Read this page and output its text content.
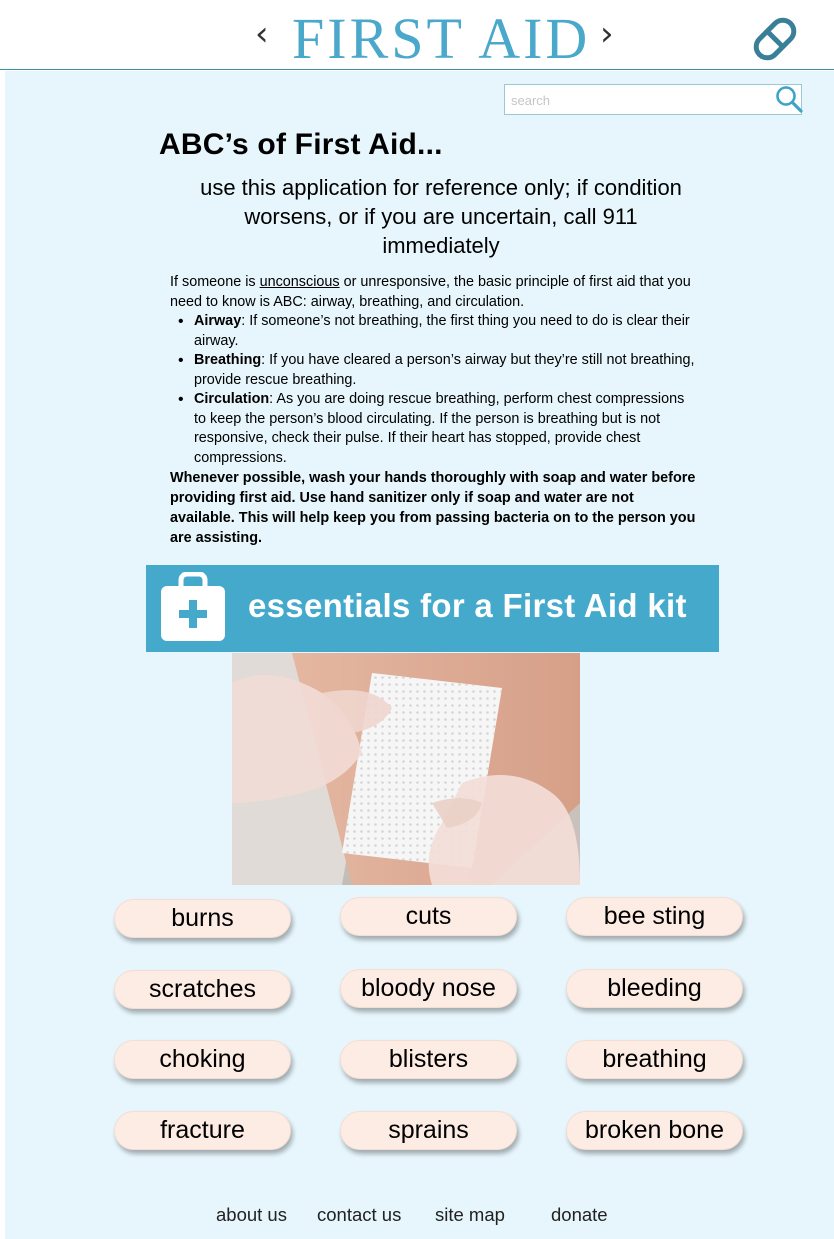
‹ FIRST AID ›
search
ABC’s of First Aid...
use this application for reference only; if condition worsens, or if you are uncertain, call 911 immediately

If someone is unconscious or unresponsive, the basic principle of first aid that you need to know is ABC: airway, breathing, and circulation.

• Airway: If someone’s not breathing, the first thing you need to do is clear their airway.
• Breathing: If you have cleared a person’s airway but they’re still not breathing, provide rescue breathing.
• Circulation: As you are doing rescue breathing, perform chest compressions to keep the person’s blood circulating. If the person is breathing but is not responsive, check their pulse. If their heart has stopped, provide chest compressions.

Whenever possible, wash your hands thoroughly with soap and water before providing first aid. Use hand sanitizer only if soap and water are not available. This will help keep you from passing bacteria on to the person you are assisting.

essentials for a First Aid kit
burns	cuts	bee sting
scratches	bloody nose	bleeding
choking	blisters	breathing
fracture	sprains	broken bone
about us contact us site map donate
